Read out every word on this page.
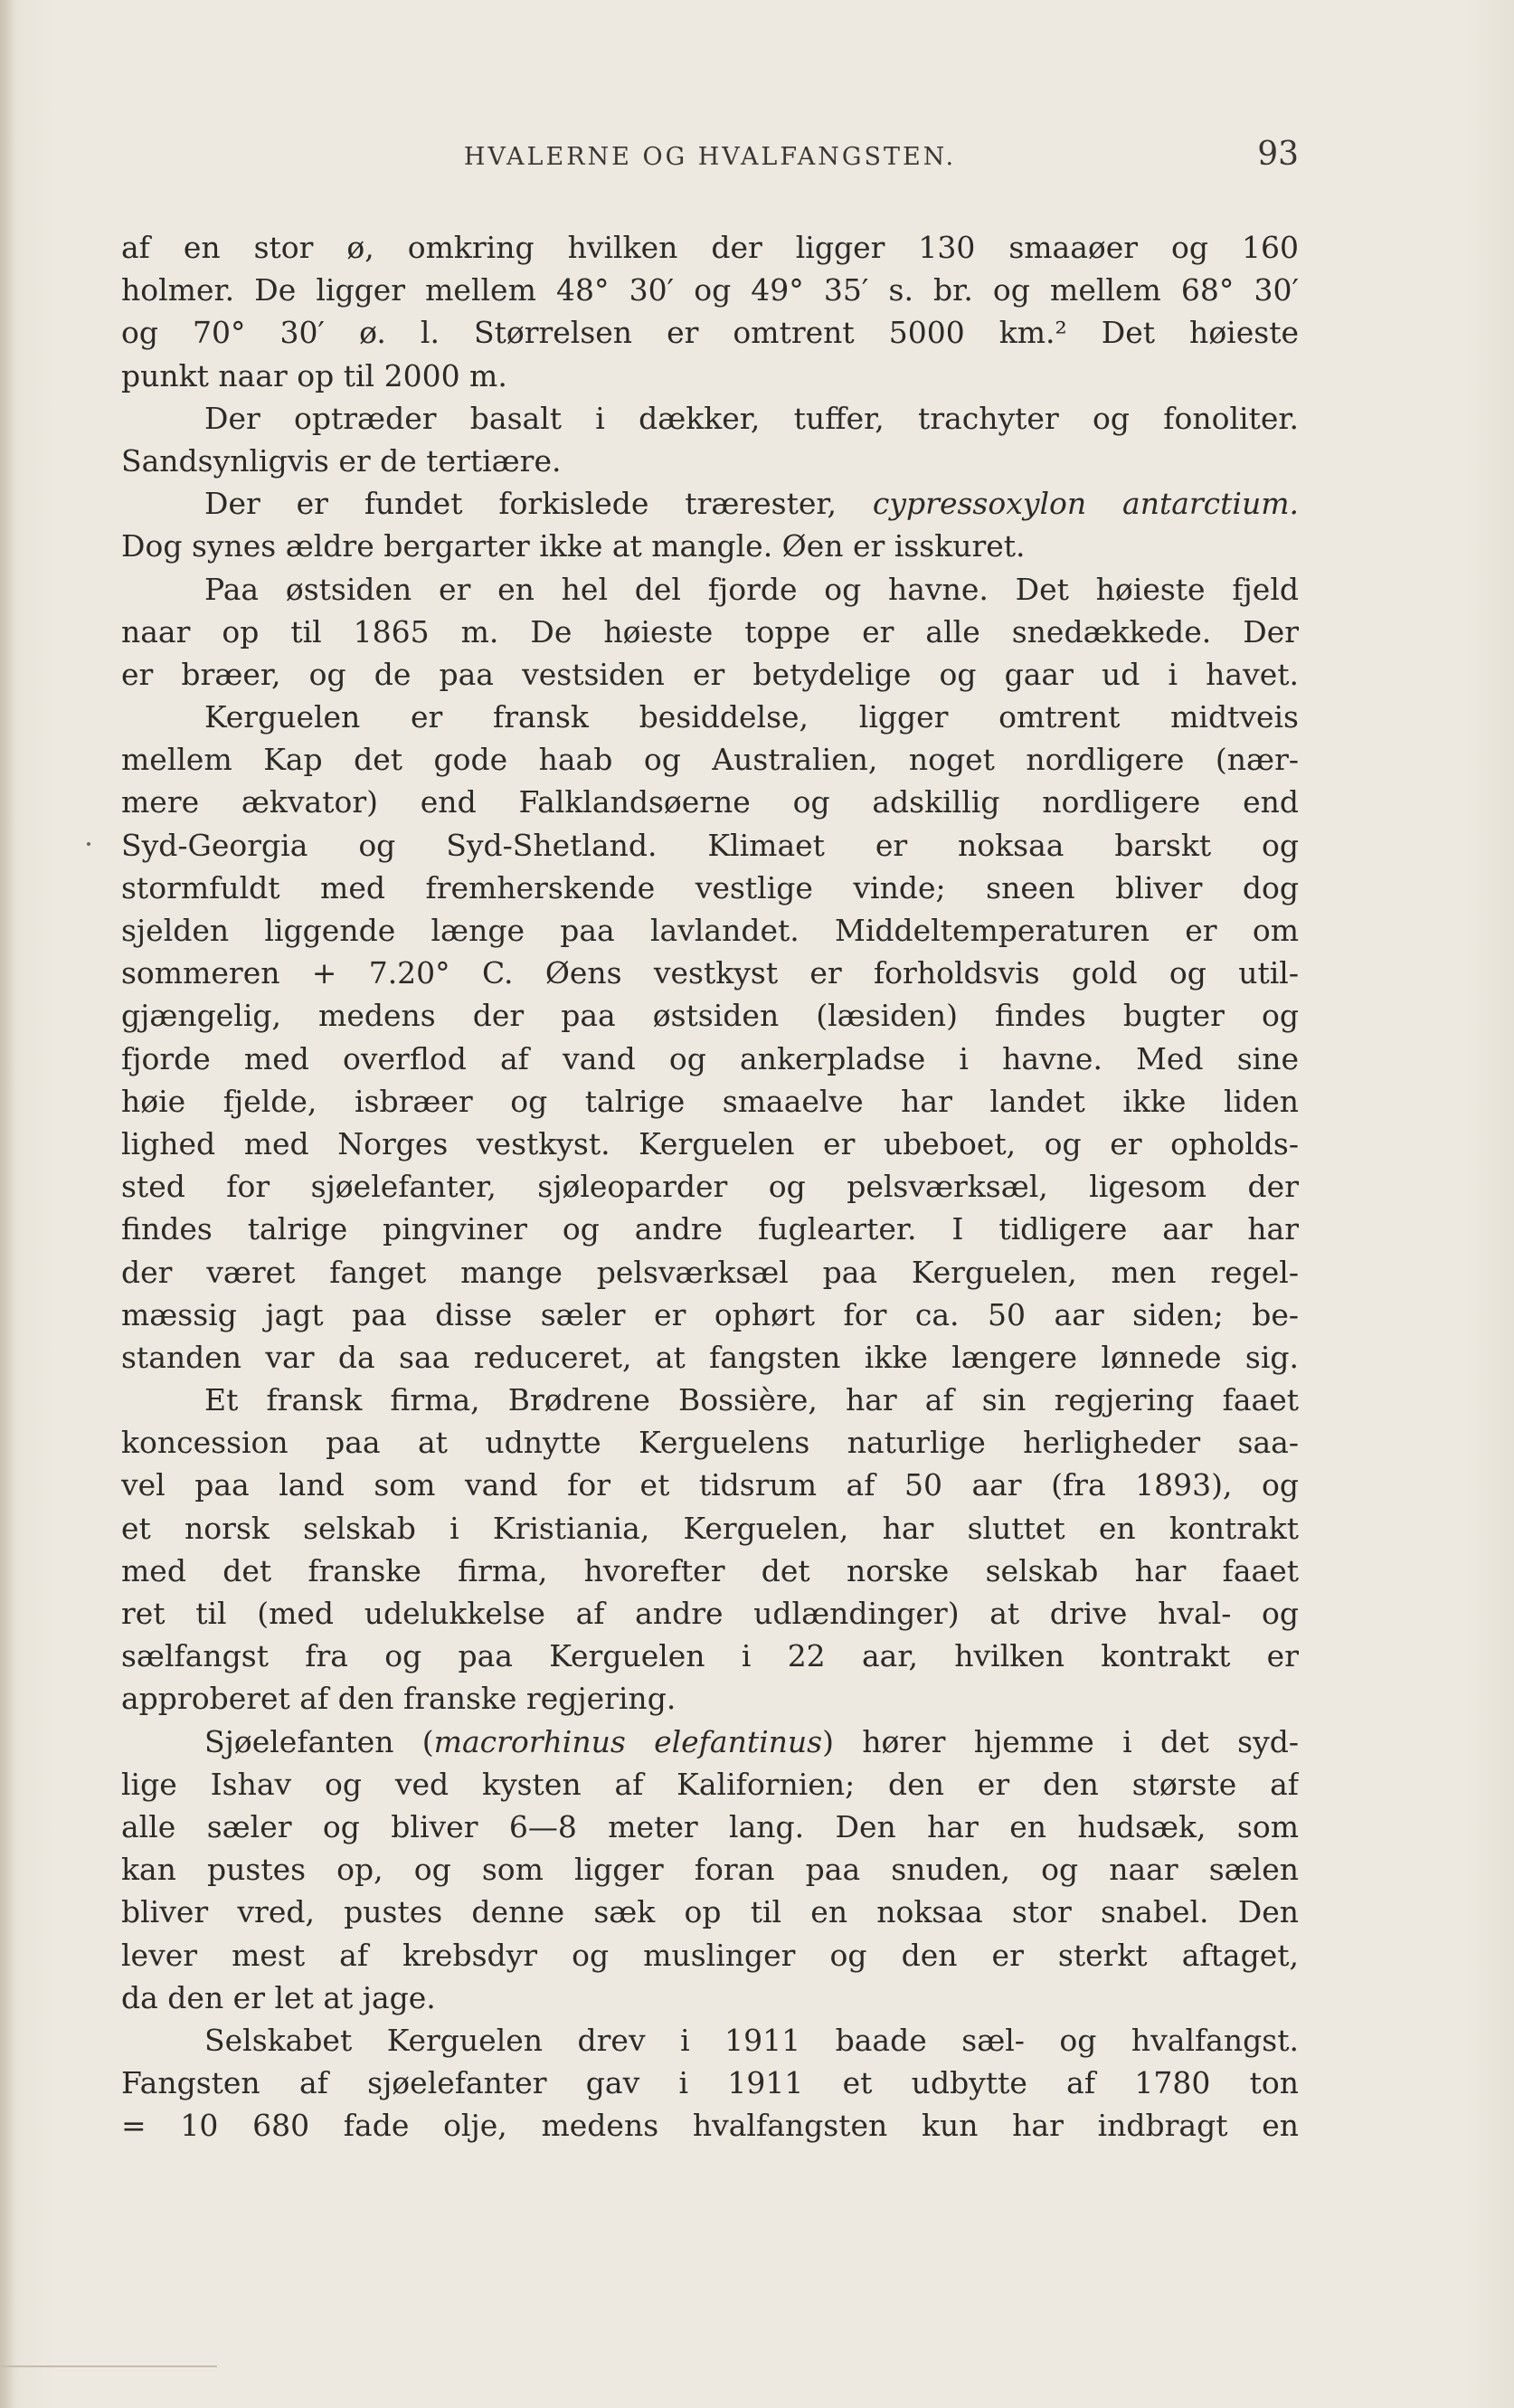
HVALERNE OG HVALFANGSTEN.	93
af en stor ø, omkring hvilken der ligger 130 smaaøer og 160
holmer. De ligger mellem 48° 30′ og 49° 35′ s. br. og mellem 68° 30′
og 70° 30′ ø. l. Størrelsen er omtrent 5000 km.² Det høieste
punkt naar op til 2000 m.
Der optræder basalt i dækker, tuffer, trachyter og fonoliter.
Sandsynligvis er de tertiære.
Der er fundet forkislede trærester, cypressoxylon antarctium.
Dog synes ældre bergarter ikke at mangle. Øen er isskuret.
Paa østsiden er en hel del fjorde og havne. Det høieste fjeld
naar op til 1865 m. De høieste toppe er alle snedækkede. Der
er bræer, og de paa vestsiden er betydelige og gaar ud i havet.
Kerguelen er fransk besiddelse, ligger omtrent midtveis
mellem Kap det gode haab og Australien, noget nordligere (nær-
mere ækvator) end Falklandsøerne og adskillig nordligere end
Syd-Georgia og Syd-Shetland. Klimaet er noksaa barskt og
stormfuldt med fremherskende vestlige vinde; sneen bliver dog
sjelden liggende længe paa lavlandet. Middeltemperaturen er om
sommeren + 7.20° C. Øens vestkyst er forholdsvis gold og util-
gjængelig, medens der paa østsiden (læsiden) findes bugter og
fjorde med overflod af vand og ankerpladse i havne. Med sine
høie fjelde, isbræer og talrige smaaelve har landet ikke liden
lighed med Norges vestkyst. Kerguelen er ubeboet, og er opholds-
sted for sjøelefanter, sjøleoparder og pelsværksæl, ligesom der
findes talrige pingviner og andre fuglearter. I tidligere aar har
der været fanget mange pelsværksæl paa Kerguelen, men regel-
mæssig jagt paa disse sæler er ophørt for ca. 50 aar siden; be-
standen var da saa reduceret, at fangsten ikke længere lønnede sig.
Et fransk firma, Brødrene Bossière, har af sin regjering faaet
koncession paa at udnytte Kerguelens naturlige herligheder saa-
vel paa land som vand for et tidsrum af 50 aar (fra 1893), og
et norsk selskab i Kristiania, Kerguelen, har sluttet en kontrakt
med det franske firma, hvorefter det norske selskab har faaet
ret til (med udelukkelse af andre udlændinger) at drive hval- og
sælfangst fra og paa Kerguelen i 22 aar, hvilken kontrakt er
approberet af den franske regjering.
Sjøelefanten (macrorhinus elefantinus) hører hjemme i det syd-
lige Ishav og ved kysten af Kalifornien; den er den største af
alle sæler og bliver 6—8 meter lang. Den har en hudsæk, som
kan pustes op, og som ligger foran paa snuden, og naar sælen
bliver vred, pustes denne sæk op til en noksaa stor snabel. Den
lever mest af krebsdyr og muslinger og den er sterkt aftaget,
da den er let at jage.
Selskabet Kerguelen drev i 1911 baade sæl- og hvalfangst.
Fangsten af sjøelefanter gav i 1911 et udbytte af 1780 ton
= 10 680 fade olje, medens hvalfangsten kun har indbragt en
